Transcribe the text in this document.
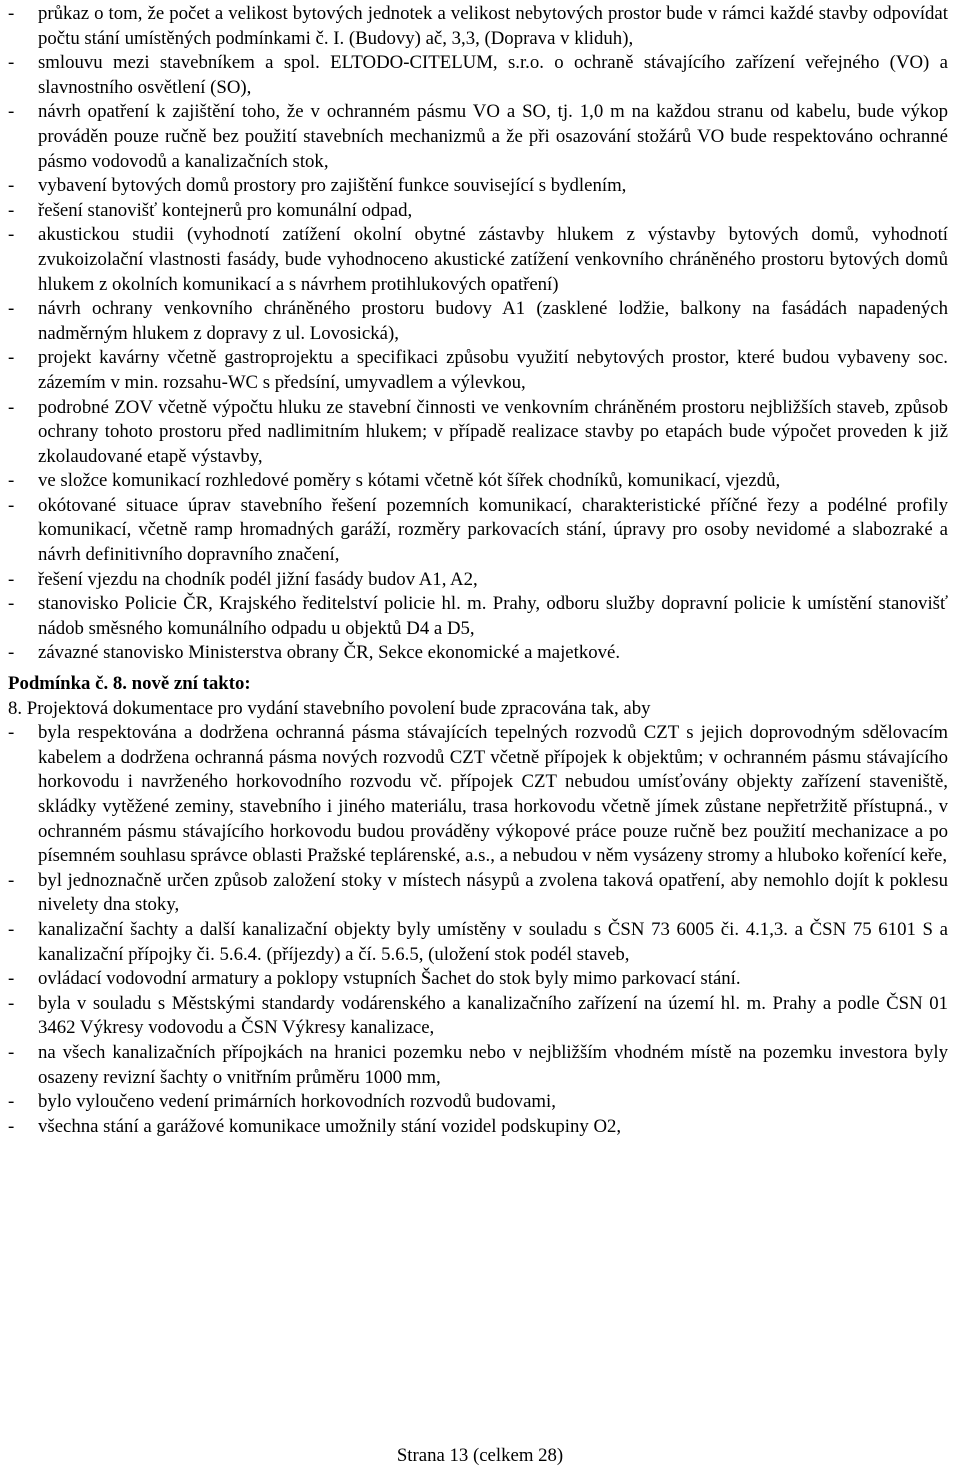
-	průkaz o tom, že počet a velikost bytových jednotek a velikost nebytových prostor bude v rámci každé stavby odpovídat počtu stání umístěných podmínkami č. I. (Budovy) ač, 3,3, (Doprava v kliduh),
-	smlouvu mezi stavebníkem a spol. ELTODO-CITELUM, s.r.o. o ochraně stávajícího zařízení veřejného (VO) a slavnostního osvětlení (SO),
-	návrh opatření k zajištění toho, že v ochranném pásmu VO a SO, tj. 1,0 m na každou stranu od kabelu, bude výkop prováděn pouze ručně bez použití stavebních mechanizmů a že při osazování stožárů VO bude respektováno ochranné pásmo vodovodů a kanalizačních stok,
-	vybavení bytových domů prostory pro zajištění funkce související s bydlením,
-	řešení stanovišť kontejnerů pro komunální odpad,
-	akustickou studii (vyhodnotí zatížení okolní obytné zástavby hlukem z výstavby bytových domů, vyhodnotí zvukoizolační vlastnosti fasády, bude vyhodnoceno akustické zatížení venkovního chráněného prostoru bytových domů hlukem z okolních komunikací a s návrhem protihlukových opatření)
-	návrh ochrany venkovního chráněného prostoru budovy A1 (zasklené lodžie, balkony na fasádách napadených nadměrným hlukem z dopravy z ul. Lovosická),
-	projekt kavárny včetně gastroprojektu a specifikaci způsobu využití nebytových prostor, které budou vybaveny soc. zázemím v min. rozsahu-WC s předsíní, umyvadlem a výlevkou,
-	podrobné ZOV včetně výpočtu hluku ze stavební činnosti ve venkovním chráněném prostoru nejbližších staveb, způsob ochrany tohoto prostoru před nadlimitním hlukem; v případě realizace stavby po etapách bude výpočet proveden k již zkolaudované etapě výstavby,
-	ve složce komunikací rozhledové poměry s kótami včetně kót šířek chodníků, komunikací, vjezdů,
-	okótované situace úprav stavebního řešení pozemních komunikací, charakteristické příčné řezy a podélné profily komunikací, včetně ramp hromadných garáží, rozměry parkovacích stání, úpravy pro osoby nevidomé a slabozraké a návrh definitivního dopravního značení,
-	řešení vjezdu na chodník podél jižní fasády budov A1, A2,
-	stanovisko Policie ČR, Krajského ředitelství policie hl. m. Prahy, odboru služby dopravní policie k umístění stanovišť nádob směsného komunálního odpadu u objektů D4 a D5,
-	závazné stanovisko Ministerstva obrany ČR, Sekce ekonomické a majetkové.
Podmínka č. 8. nově zní takto:
8. Projektová dokumentace pro vydání stavebního povolení bude zpracována tak, aby
-	byla respektována a dodržena ochranná pásma stávajících tepelných rozvodů CZT s jejich doprovodným sdělovacím kabelem a dodržena ochranná pásma nových rozvodů CZT včetně přípojek k objektům; v ochranném pásmu stávajícího horkovodu i navrženého horkovodního rozvodu vč. přípojek CZT nebudou umísťovány objekty zařízení staveniště, skládky vytěžené zeminy, stavebního i jiného materiálu, trasa horkovodu včetně jímek zůstane nepřetržitě přístupná., v ochranném pásmu stávajícího horkovodu budou prováděny výkopové práce pouze ručně bez použití mechanizace a po písemném souhlasu správce oblasti Pražské teplárenské, a.s., a nebudou v něm vysázeny stromy a hluboko kořenící keře,
-	byl jednoznačně určen způsob založení stoky v místech násypů a zvolena taková opatření, aby nemohlo dojít k poklesu nivelety dna stoky,
-	kanalizační šachty a další kanalizační objekty byly umístěny v souladu s ČSN 73 6005 či. 4.1,3. a ČSN 75 6101 S a kanalizační přípojky či. 5.6.4. (příjezdy) a čí. 5.6.5, (uložení stok podél staveb,
-	ovládací vodovodní armatury a poklopy vstupních Šachet do stok byly mimo parkovací stání.
-	byla v souladu s Městskými standardy vodárenského a kanalizačního zařízení na území hl. m. Prahy a podle ČSN 01 3462 Výkresy vodovodu a ČSN Výkresy kanalizace,
-	na všech kanalizačních přípojkách na hranici pozemku nebo v nejbližším vhodném místě na pozemku investora byly osazeny revizní šachty o vnitřním průměru 1000 mm,
-	bylo vyloučeno vedení primárních horkovodních rozvodů budovami,
-	všechna stání a garážové komunikace umožnily stání vozidel podskupiny O2,
Strana 13 (celkem 28)
